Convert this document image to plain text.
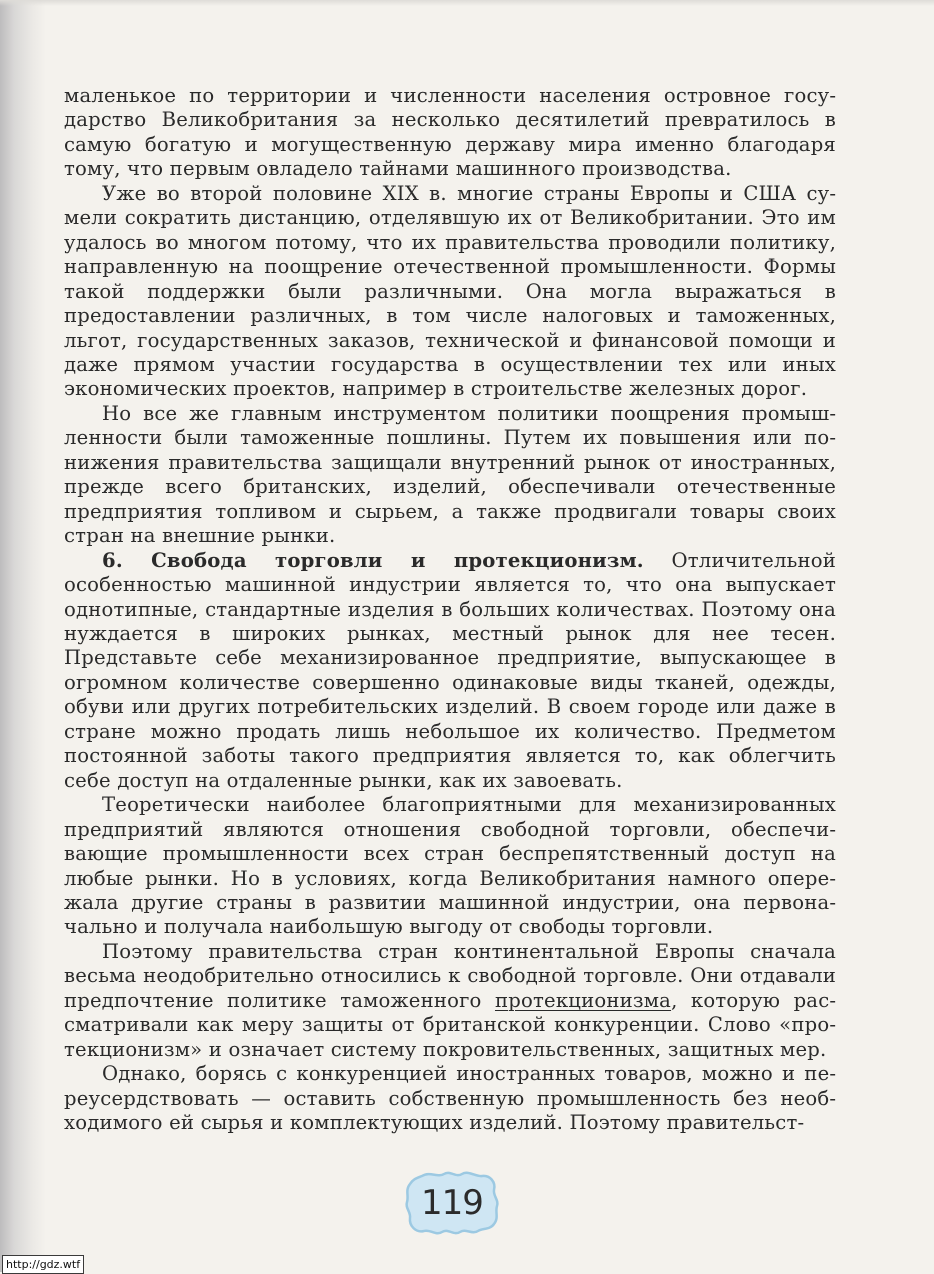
маленькое по территории и численности населения островное государство Великобритания за несколько десятилетий превратилось в самую богатую и могущественную державу мира именно благодаря тому, что первым овладело тайнами машинного производства.

Уже во второй половине XIX в. многие страны Европы и США сумели сократить дистанцию, отделявшую их от Великобритании. Это им удалось во многом потому, что их правительства проводили политику, направленную на поощрение отечественной промышленности. Формы такой поддержки были различными. Она могла выражаться в предоставлении различных, в том числе налоговых и таможенных, льгот, государственных заказов, технической и финансовой помощи и даже прямом участии государства в осуществлении тех или иных экономических проектов, например в строительстве железных дорог.

Но все же главным инструментом политики поощрения промышленности были таможенные пошлины. Путем их повышения или понижения правительства защищали внутренний рынок от иностранных, прежде всего британских, изделий, обеспечивали отечественные предприятия топливом и сырьем, а также продвигали товары своих стран на внешние рынки.

6. Свобода торговли и протекционизм. Отличительной особенностью машинной индустрии является то, что она выпускает однотипные, стандартные изделия в больших количествах. Поэтому она нуждается в широких рынках, местный рынок для нее тесен. Представьте себе механизированное предприятие, выпускающее в огромном количестве совершенно одинаковые виды тканей, одежды, обуви или других потребительских изделий. В своем городе или даже в стране можно продать лишь небольшое их количество. Предметом постоянной заботы такого предприятия является то, как облегчить себе доступ на отдаленные рынки, как их завоевать.

Теоретически наиболее благоприятными для механизированных предприятий являются отношения свободной торговли, обеспечивающие промышленности всех стран беспрепятственный доступ на любые рынки. Но в условиях, когда Великобритания намного опережала другие страны в развитии машинной индустрии, она первоначально и получала наибольшую выгоду от свободы торговли.

Поэтому правительства стран континентальной Европы сначала весьма неодобрительно относились к свободной торговле. Они отдавали предпочтение политике таможенного протекционизма, которую рассматривали как меру защиты от британской конкуренции. Слово «протекционизм» и означает систему покровительственных, защитных мер.

Однако, борясь с конкуренцией иностранных товаров, можно и переусердствовать — оставить собственную промышленность без необходимого ей сырья и комплектующих изделий. Поэтому правительст-

119
http://gdz.wtf
